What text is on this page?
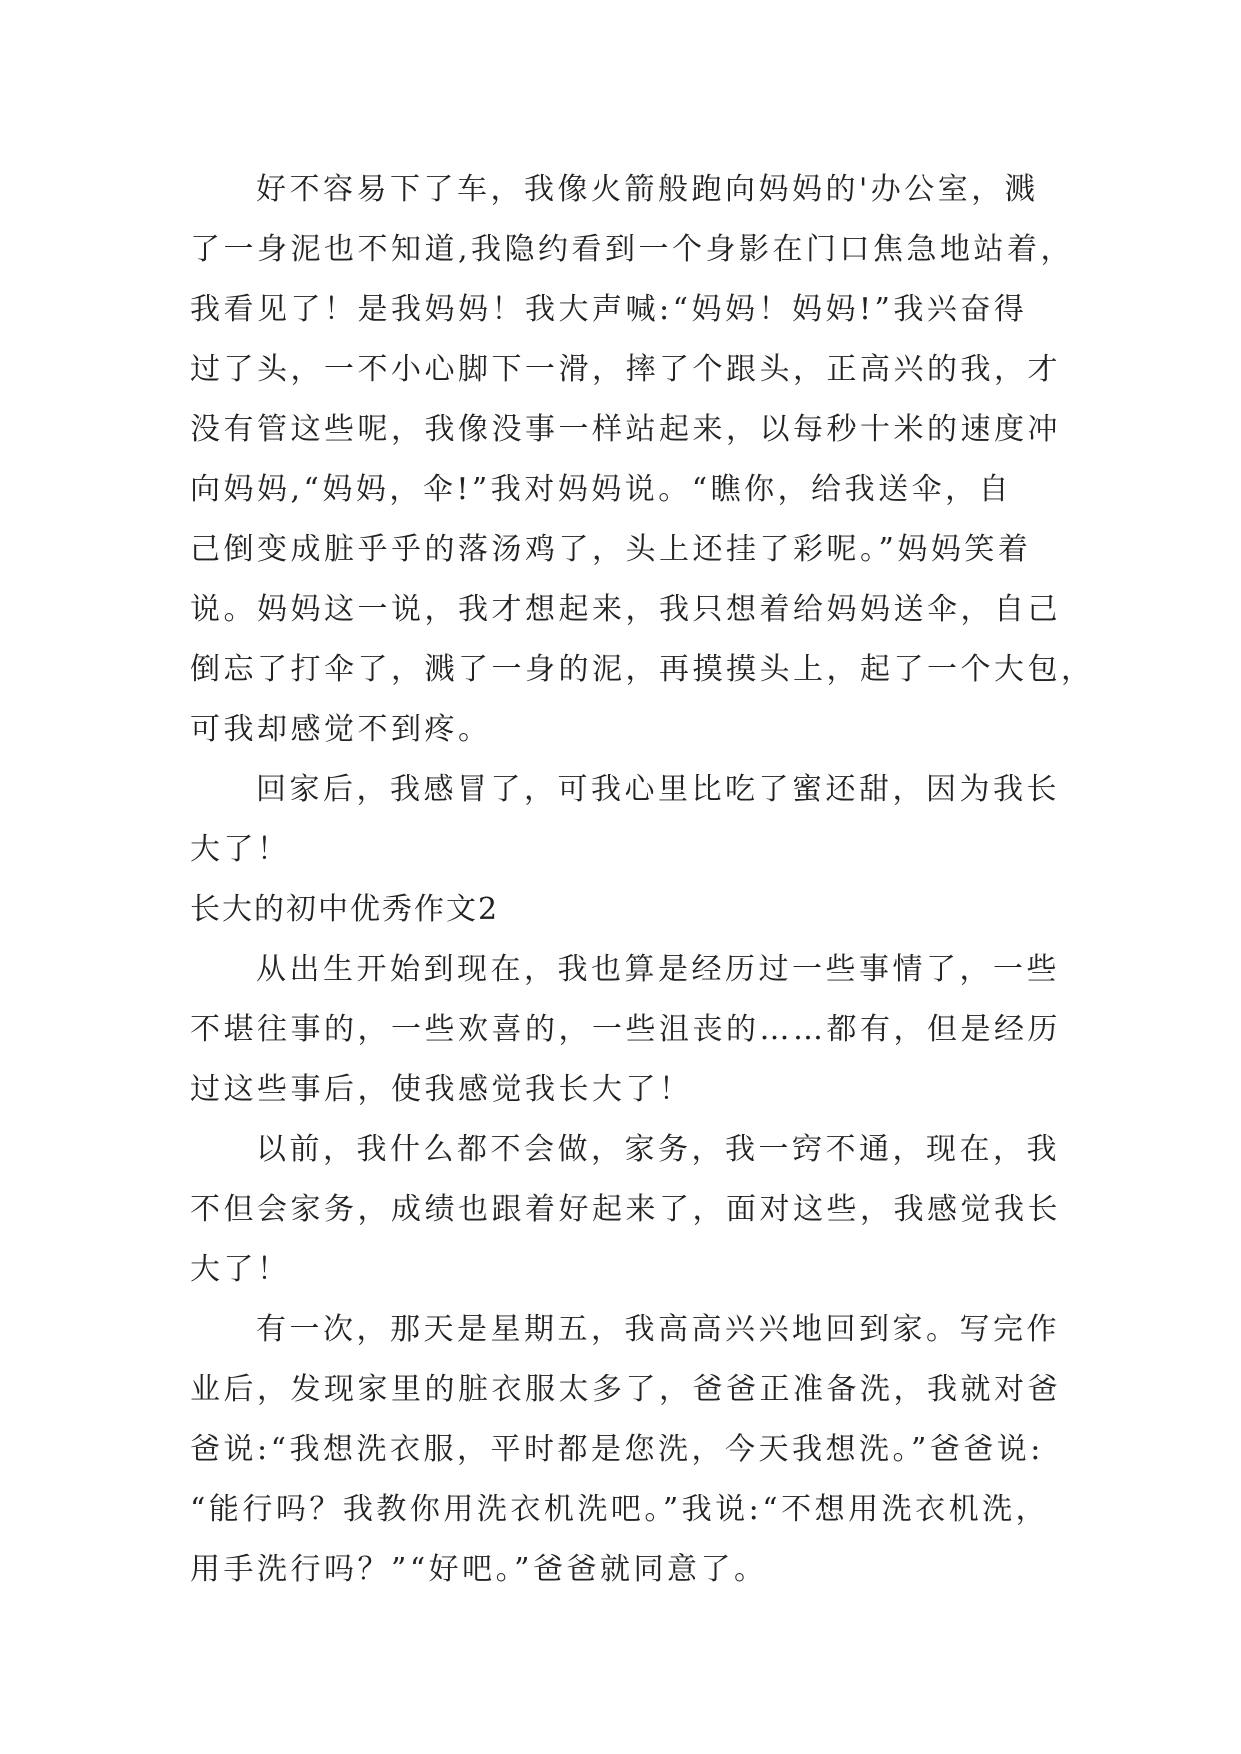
好不容易下了车，我像火箭般跑向妈妈的'办公室，溅
了一身泥也不知道,我隐约看到一个身影在门口焦急地站着，
我看见了！是我妈妈！我大声喊:“妈妈！妈妈!”我兴奋得
过了头，一不小心脚下一滑，摔了个跟头，正高兴的我，才
没有管这些呢，我像没事一样站起来，以每秒十米的速度冲
向妈妈,“妈妈，伞!”我对妈妈说。“瞧你，给我送伞，自
己倒变成脏乎乎的落汤鸡了，头上还挂了彩呢。”妈妈笑着
说。妈妈这一说，我才想起来，我只想着给妈妈送伞，自己
倒忘了打伞了，溅了一身的泥，再摸摸头上，起了一个大包，
可我却感觉不到疼。
回家后，我感冒了，可我心里比吃了蜜还甜，因为我长
大了！
长大的初中优秀作文2
从出生开始到现在，我也算是经历过一些事情了，一些
不堪往事的，一些欢喜的，一些沮丧的……都有，但是经历
过这些事后，使我感觉我长大了！
以前，我什么都不会做，家务，我一窍不通，现在，我
不但会家务，成绩也跟着好起来了，面对这些，我感觉我长
大了！
有一次，那天是星期五，我高高兴兴地回到家。写完作
业后，发现家里的脏衣服太多了，爸爸正准备洗，我就对爸
爸说:“我想洗衣服，平时都是您洗，今天我想洗。”爸爸说:
“能行吗？我教你用洗衣机洗吧。”我说:“不想用洗衣机洗，
用手洗行吗？”“好吧。”爸爸就同意了。
